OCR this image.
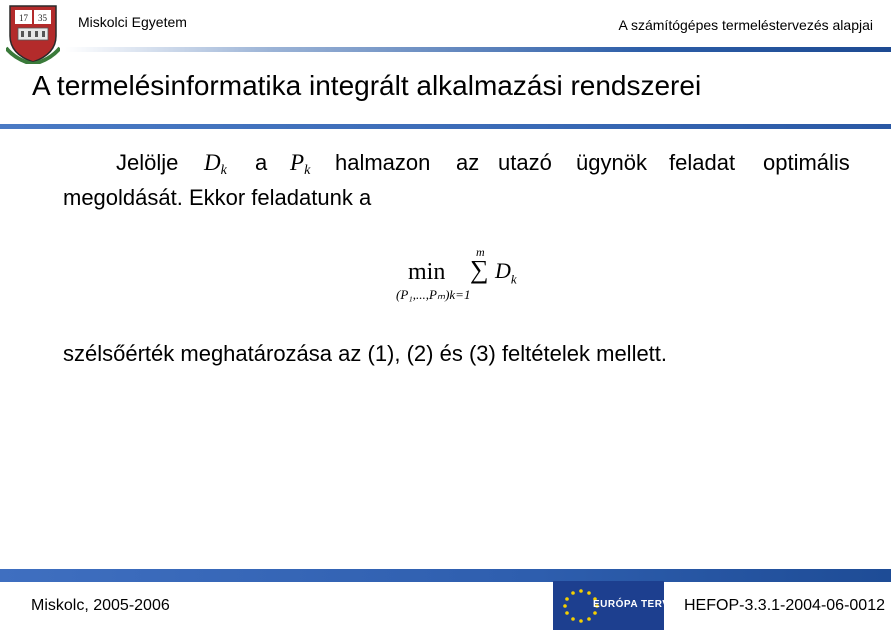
17 35 Miskolci Egyetem	A számítógépes termeléstervezés alapjai
A termelésinformatika integrált alkalmazási rendszerei
Jelölje $D_k$ a $P_k$ halmazon az utazó ügynök feladat optimális
megoldását. Ekkor feladatunk a
min
m
∑ $D_k$
(P₁,...,Pₘ)k=1
szélsőérték meghatározása az (1), (2) és (3) feltételek mellett.
Miskolc, 2005-2006	EURÓPA TERV HEFOP-3.3.1-2004-06-0012
